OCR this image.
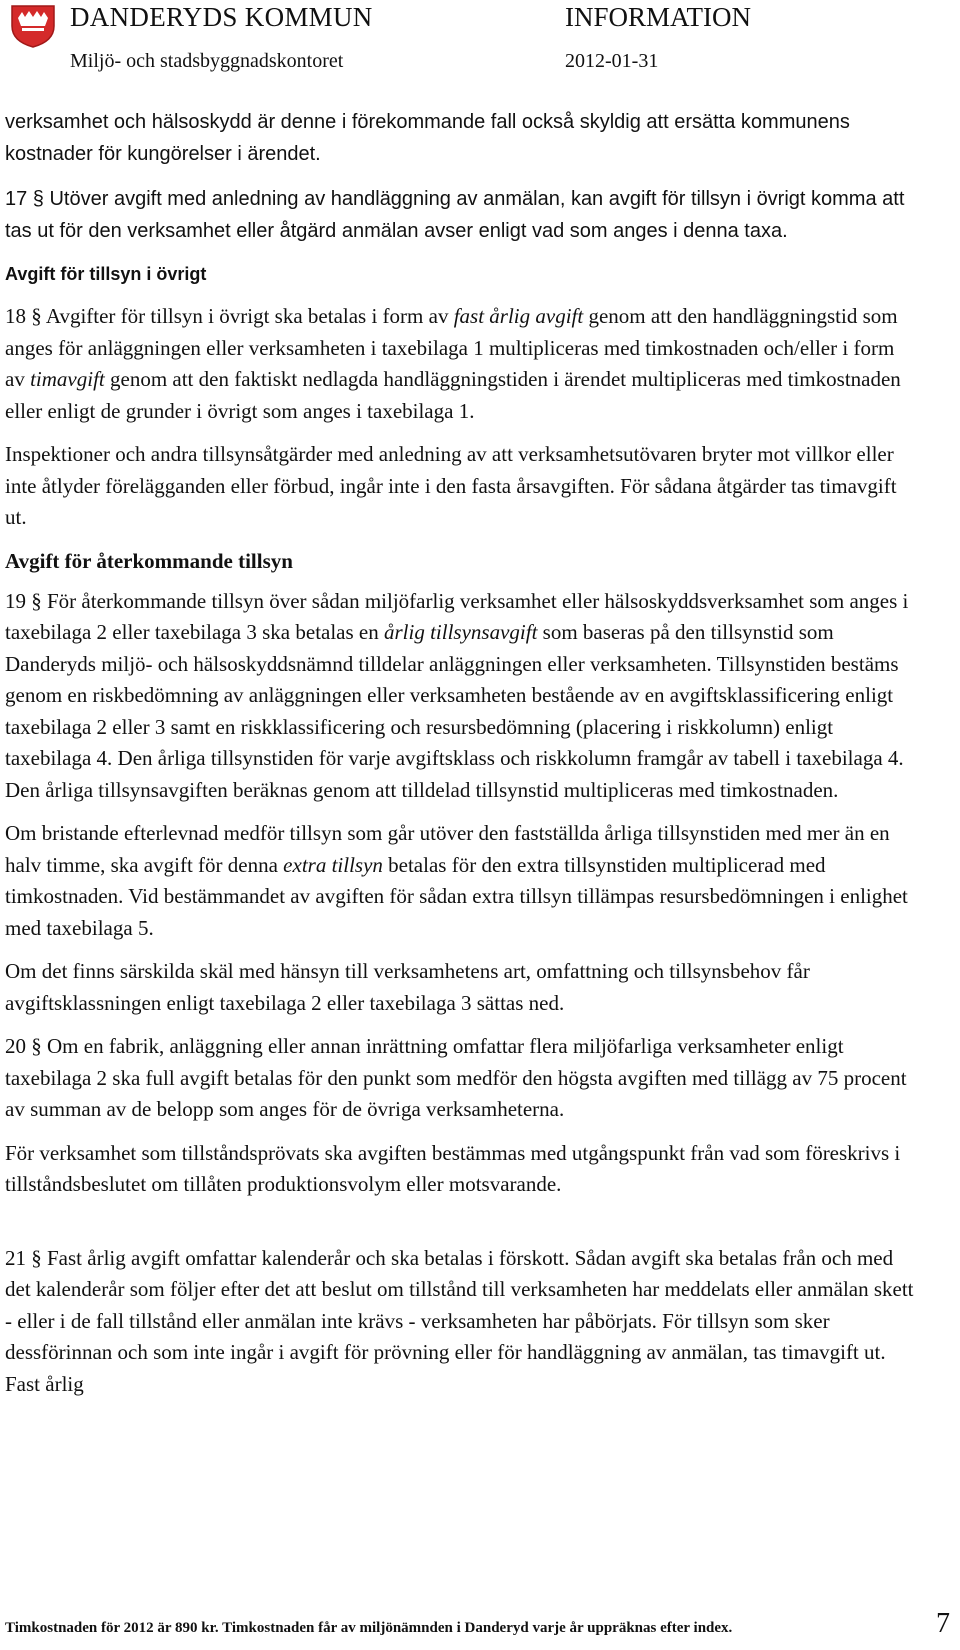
DANDERYDS KOMMUN	INFORMATION
Miljö- och stadsbyggnadskontoret	2012-01-31

verksamhet och hälsoskydd är denne i förekommande fall också skyldig att ersätta kommunens kostnader för kungörelser i ärendet.

17 § Utöver avgift med anledning av handläggning av anmälan, kan avgift för tillsyn i övrigt komma att tas ut för den verksamhet eller åtgärd anmälan avser enligt vad som anges i denna taxa.

Avgift för tillsyn i övrigt

18 § Avgifter för tillsyn i övrigt ska betalas i form av fast årlig avgift genom att den handläggningstid som anges för anläggningen eller verksamheten i taxebilaga 1 multipliceras med timkostnaden och/eller i form av timavgift genom att den faktiskt nedlagda handläggningstiden i ärendet multipliceras med timkostnaden eller enligt de grunder i övrigt som anges i taxebilaga 1.

Inspektioner och andra tillsynsåtgärder med anledning av att verksamhetsutövaren bryter mot villkor eller inte åtlyder förelägganden eller förbud, ingår inte i den fasta årsavgiften. För sådana åtgärder tas timavgift ut.

Avgift för återkommande tillsyn

19 § För återkommande tillsyn över sådan miljöfarlig verksamhet eller hälsoskyddsverksamhet som anges i taxebilaga 2 eller taxebilaga 3 ska betalas en årlig tillsynsavgift som baseras på den tillsynstid som Danderyds miljö- och hälsoskyddsnämnd tilldelar anläggningen eller verksamheten. Tillsynstiden bestäms genom en riskbedömning av anläggningen eller verksamheten bestående av en avgiftsklassificering enligt taxebilaga 2 eller 3 samt en riskklassificering och resursbedömning (placering i riskkolumn) enligt taxebilaga 4. Den årliga tillsynstiden för varje avgiftsklass och riskkolumn framgår av tabell i taxebilaga 4. Den årliga tillsynsavgiften beräknas genom att tilldelad tillsynstid multipliceras med timkostnaden.

Om bristande efterlevnad medför tillsyn som går utöver den fastställda årliga tillsynstiden med mer än en halv timme, ska avgift för denna extra tillsyn betalas för den extra tillsynstiden multiplicerad med timkostnaden. Vid bestämmandet av avgiften för sådan extra tillsyn tillämpas resursbedömningen i enlighet med taxebilaga 5.

Om det finns särskilda skäl med hänsyn till verksamhetens art, omfattning och tillsynsbehov får avgiftsklassningen enligt taxebilaga 2 eller taxebilaga 3 sättas ned.

20 § Om en fabrik, anläggning eller annan inrättning omfattar flera miljöfarliga verksamheter enligt taxebilaga 2 ska full avgift betalas för den punkt som medför den högsta avgiften med tillägg av 75 procent av summan av de belopp som anges för de övriga verksamheterna.

För verksamhet som tillståndsprövats ska avgiften bestämmas med utgångspunkt från vad som föreskrivs i tillståndsbeslutet om tillåten produktionsvolym eller motsvarande.

21 § Fast årlig avgift omfattar kalenderår och ska betalas i förskott. Sådan avgift ska betalas från och med det kalenderår som följer efter det att beslut om tillstånd till verksamheten har meddelats eller anmälan skett - eller i de fall tillstånd eller anmälan inte krävs - verksamheten har påbörjats. För tillsyn som sker dessförinnan och som inte ingår i avgift för prövning eller för handläggning av anmälan, tas timavgift ut. Fast årlig

Timkostnaden för 2012 är 890 kr. Timkostnaden får av miljönämnden i Danderyd varje år uppräknas efter index.	7
